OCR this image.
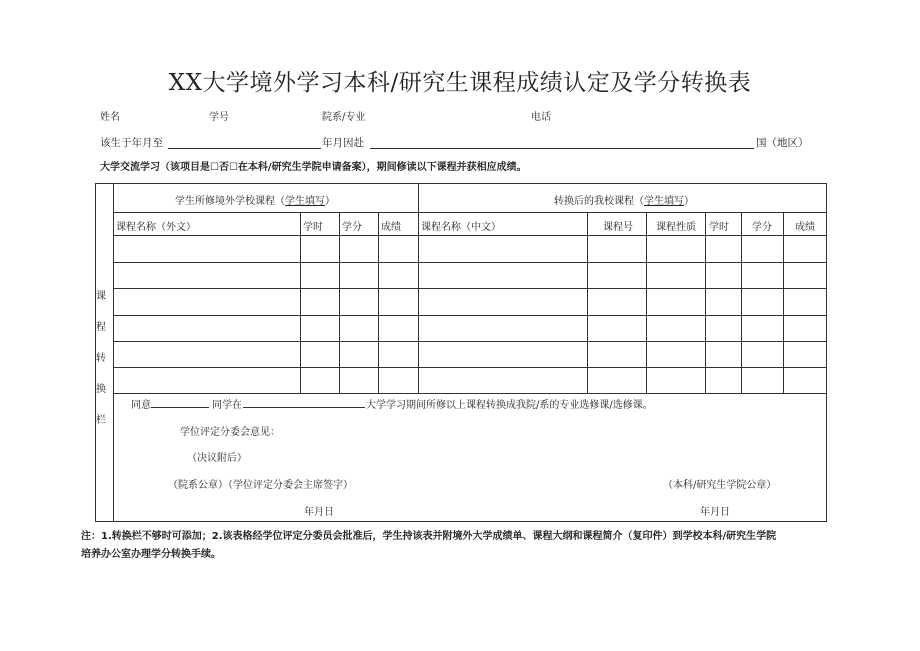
XX大学境外学习本科/研究生课程成绩认定及学分转换表
姓名	学号	院系/专业	电话
该生于年月至	年月因赴	国（地区）
大学交流学习（该项目是☐否☐在本科/研究生学院申请备案），期间修读以下课程并获相应成绩。
学生所修境外学校课程（学生填写）	转换后的我校课程（学生填写）
课程名称（外文）	学时 学分 成绩 课程名称（中文）	课程号 课程性质 学时 学分 成绩
课
程
转
换
栏
同意	同学在	大学学习期间所修以上课程转换成我院/系的专业选修课/选修课。
学位评定分委会意见：
（决议附后）
（院系公章）（学位评定分委会主席签字）	（本科/研究生学院公章）
年月日	年月日
注：1.转换栏不够时可添加；2.该表格经学位评定分委员会批准后，学生持该表并附境外大学成绩单、课程大纲和课程简介（复印件）到学校本科/研究生学院
培养办公室办理学分转换手续。
